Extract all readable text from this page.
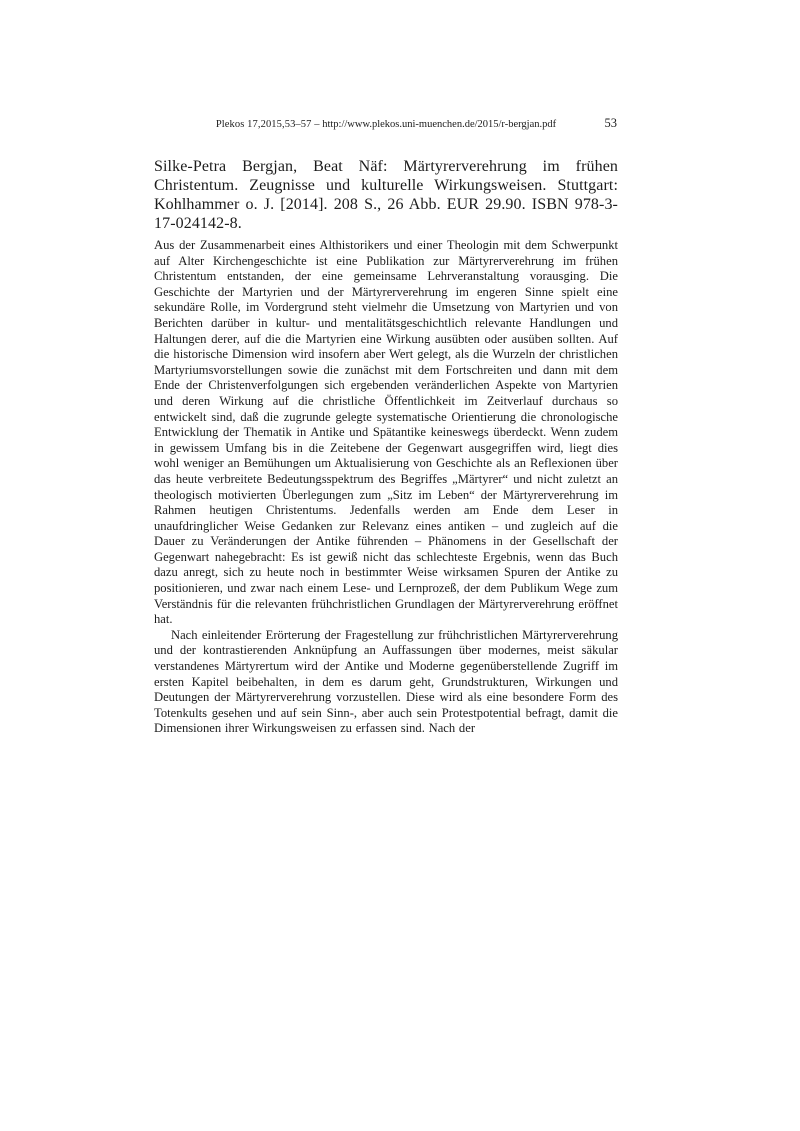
Plekos 17,2015,53–57 – http://www.plekos.uni-muenchen.de/2015/r-bergjan.pdf	53
Silke-Petra Bergjan, Beat Näf: Märtyrerverehrung im frühen Christentum. Zeugnisse und kulturelle Wirkungsweisen. Stuttgart: Kohlhammer o. J. [2014]. 208 S., 26 Abb. EUR 29.90. ISBN 978-3-17-024142-8.

Aus der Zusammenarbeit eines Althistorikers und einer Theologin mit dem Schwerpunkt auf Alter Kirchengeschichte ist eine Publikation zur Märtyrerverehrung im frühen Christentum entstanden, der eine gemeinsame Lehrveranstaltung vorausging. Die Geschichte der Martyrien und der Märtyrerverehrung im engeren Sinne spielt eine sekundäre Rolle, im Vordergrund steht vielmehr die Umsetzung von Martyrien und von Berichten darüber in kultur- und mentalitätsgeschichtlich relevante Handlungen und Haltungen derer, auf die die Martyrien eine Wirkung ausübten oder ausüben sollten. Auf die historische Dimension wird insofern aber Wert gelegt, als die Wurzeln der christlichen Martyriumsvorstellungen sowie die zunächst mit dem Fortschreiten und dann mit dem Ende der Christenverfolgungen sich ergebenden veränderlichen Aspekte von Martyrien und deren Wirkung auf die christliche Öffentlichkeit im Zeitverlauf durchaus so entwickelt sind, daß die zugrunde gelegte systematische Orientierung die chronologische Entwicklung der Thematik in Antike und Spätantike keineswegs überdeckt. Wenn zudem in gewissem Umfang bis in die Zeitebene der Gegenwart ausgegriffen wird, liegt dies wohl weniger an Bemühungen um Aktualisierung von Geschichte als an Reflexionen über das heute verbreitete Bedeutungsspektrum des Begriffes „Märtyrer“ und nicht zuletzt an theologisch motivierten Überlegungen zum „Sitz im Leben“ der Märtyrerverehrung im Rahmen heutigen Christentums. Jedenfalls werden am Ende dem Leser in unaufdringlicher Weise Gedanken zur Relevanz eines antiken – und zugleich auf die Dauer zu Veränderungen der Antike führenden – Phänomens in der Gesellschaft der Gegenwart nahegebracht: Es ist gewiß nicht das schlechteste Ergebnis, wenn das Buch dazu anregt, sich zu heute noch in bestimmter Weise wirksamen Spuren der Antike zu positionieren, und zwar nach einem Lese- und Lernprozeß, der dem Publikum Wege zum Verständnis für die relevanten frühchristlichen Grundlagen der Märtyrerverehrung eröffnet hat.

Nach einleitender Erörterung der Fragestellung zur frühchristlichen Märtyrerverehrung und der kontrastierenden Anknüpfung an Auffassungen über modernes, meist säkular verstandenes Märtyrertum wird der Antike und Moderne gegenüberstellende Zugriff im ersten Kapitel beibehalten, in dem es darum geht, Grundstrukturen, Wirkungen und Deutungen der Märtyrerverehrung vorzustellen. Diese wird als eine besondere Form des Totenkults gesehen und auf sein Sinn-, aber auch sein Protestpotential befragt, damit die Dimensionen ihrer Wirkungsweisen zu erfassen sind. Nach der
